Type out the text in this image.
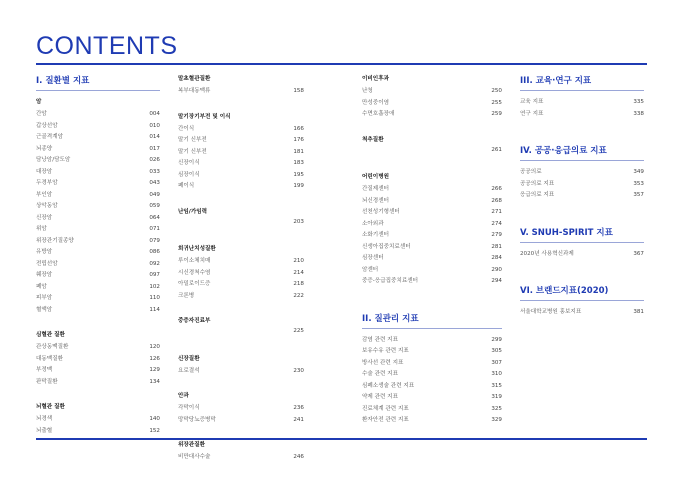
CONTENTS
I. 질환별 지표
암
간암	004
갑상선암	010
근골격계암	014
뇌종양	017
담낭암/담도암	026
대장암	033
두경부암	043
부인암	049
상악동암	059
신장암	064
위암	071
위장관기질종양	079
유방암	086
전립선암	092
췌장암	097
폐암	102
피부암	110
혈액암	114
심혈관 질환
관상동맥질환	120
대동맥질환	126
부정맥	129
판막질환	134
뇌혈관 질환
뇌경색	140
뇌출혈	152
말초혈관질환
복부대동맥류	158
말기장기부전 및 이식
간이식	166
말기 신부전	176
말기 신부전	181
신장이식	183
심장이식	195
폐이식	199
난임/가임력
203
희귀난치성질환
루이소체치매	210
시신경척수염	214
아밀로이드증	218
크론병	222
중증자진료부
225
신장질환
요로결석	230
안과
각막이식	236
망막당뇨증병막	241
위장관질환
비만대사수술	246
이비인후과
난청	250
만성중이염	255
수면호흡장애	259
척추질환
261
어린이병원
간질제센터	266
뇌신경센터	268
선천성기형센터	271
소아외과	274
소화기센터	279
신생아집중치료센터	281
심장센터	284
암센터	290
중증-응급집중치료센터	294
II. 질관리 지표
감염 관련 지표	299
보유수유 관련 지표	305
방사선 관련 지표	307
수술 관련 지표	310
심폐소생술 관련 지표	315
약제 관련 지표	319
진료체계 관련 지표	325
환자안전 관련 지표	329
III. 교육·연구 지표
교육 지표	335
연구 지표	338
IV. 공공·응급의료 지표
공공의료	349
공공의료 지표	353
응급의료 지표	357
V. SNUH-SPIRIT 지표
2020년 사용혁신과제	367
VI. 브랜드지표(2020)
서울대학교병원 홍보지표	381
